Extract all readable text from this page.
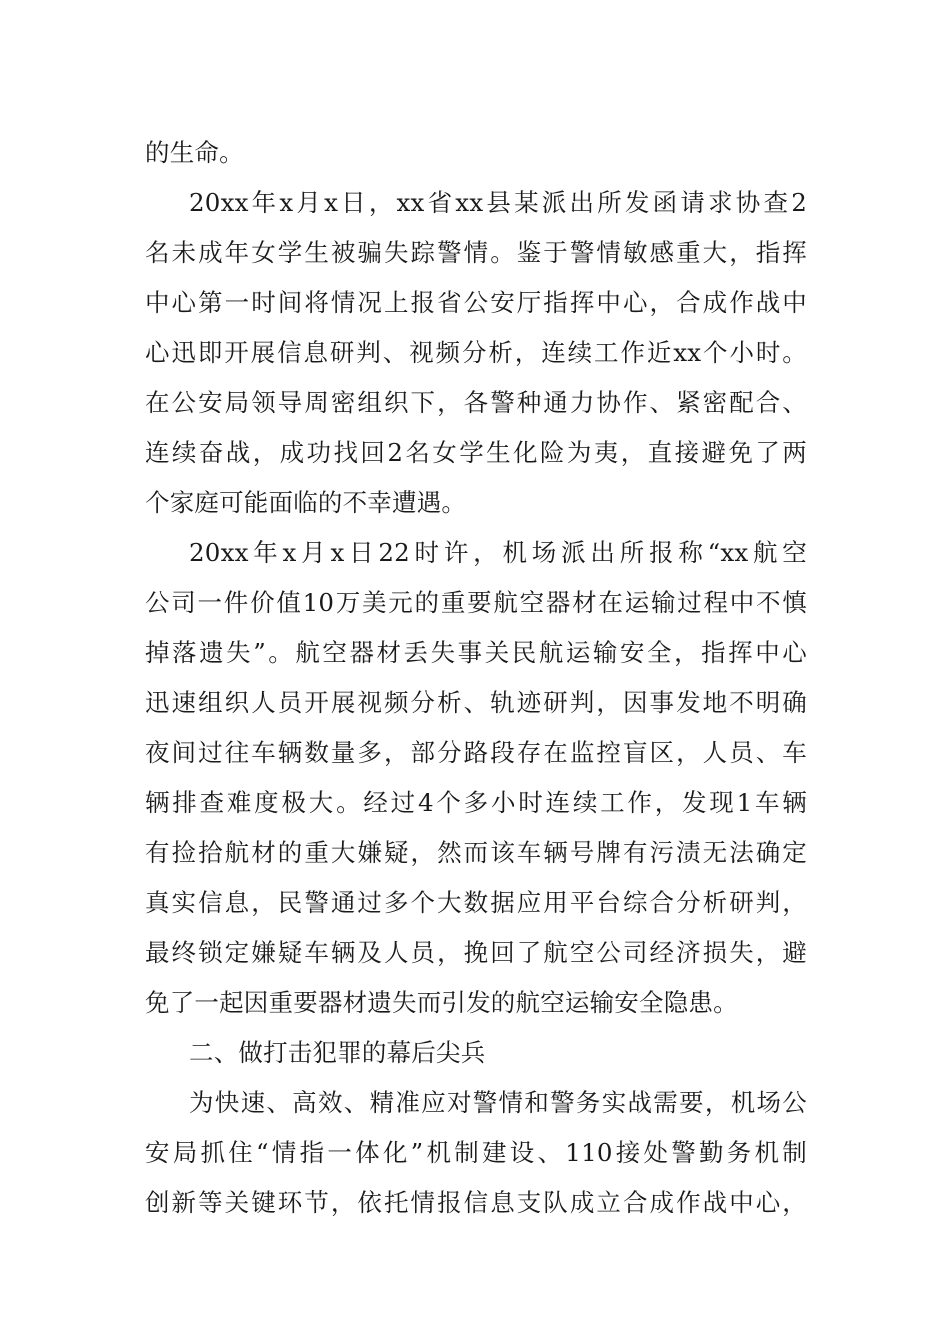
的生命。
20xx年x月x日，xx省xx县某派出所发函请求协查2
名未成年女学生被骗失踪警情。鉴于警情敏感重大，指挥
中心第一时间将情况上报省公安厅指挥中心，合成作战中
心迅即开展信息研判、视频分析，连续工作近xx个小时。
在公安局领导周密组织下，各警种通力协作、紧密配合、
连续奋战，成功找回2名女学生化险为夷，直接避免了两
个家庭可能面临的不幸遭遇。
20xx年x月x日22时许，机场派出所报称“xx航空
公司一件价值10万美元的重要航空器材在运输过程中不慎
掉落遗失”。航空器材丢失事关民航运输安全，指挥中心
迅速组织人员开展视频分析、轨迹研判，因事发地不明确
夜间过往车辆数量多，部分路段存在监控盲区，人员、车
辆排查难度极大。经过4个多小时连续工作，发现1车辆
有捡拾航材的重大嫌疑，然而该车辆号牌有污渍无法确定
真实信息，民警通过多个大数据应用平台综合分析研判，
最终锁定嫌疑车辆及人员，挽回了航空公司经济损失，避
免了一起因重要器材遗失而引发的航空运输安全隐患。
二、做打击犯罪的幕后尖兵
为快速、高效、精准应对警情和警务实战需要，机场公
安局抓住“情指一体化”机制建设、110接处警勤务机制
创新等关键环节，依托情报信息支队成立合成作战中心，
